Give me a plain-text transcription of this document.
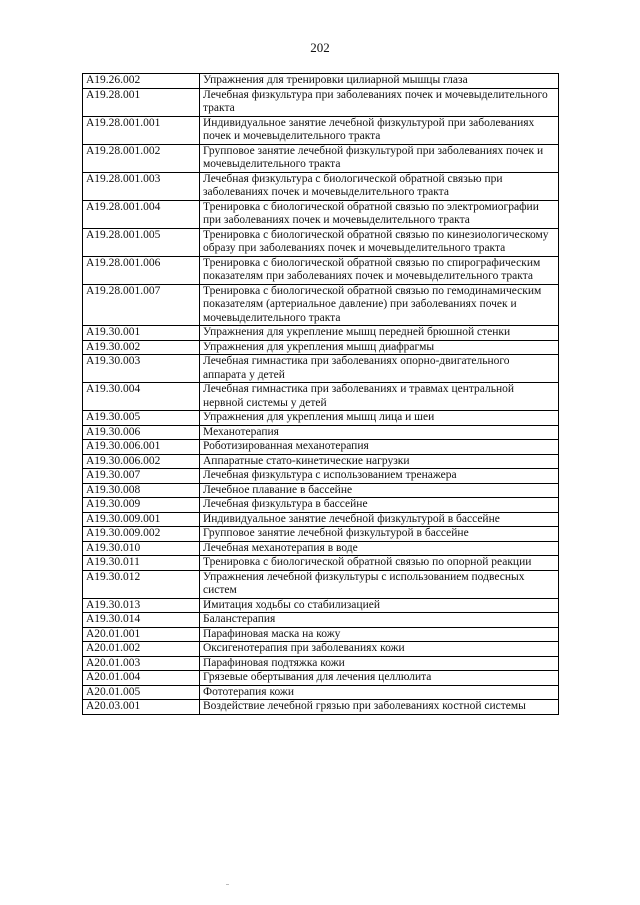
202
A19.26.002	Упражнения для тренировки цилиарной мышцы глаза
A19.28.001	Лечебная физкультура при заболеваниях почек и мочевыделительного тракта
A19.28.001.001	Индивидуальное занятие лечебной физкультурой при заболеваниях почек и мочевыделительного тракта
A19.28.001.002	Групповое занятие лечебной физкультурой при заболеваниях почек и мочевыделительного тракта
A19.28.001.003	Лечебная физкультура с биологической обратной связью при заболеваниях почек и мочевыделительного тракта
A19.28.001.004	Тренировка с биологической обратной связью по электромиографии при заболеваниях почек и мочевыделительного тракта
A19.28.001.005	Тренировка с биологической обратной связью по кинезиологическому образу при заболеваниях почек и мочевыделительного тракта
A19.28.001.006	Тренировка с биологической обратной связью по спирографическим показателям при заболеваниях почек и мочевыделительного тракта
A19.28.001.007	Тренировка с биологической обратной связью по гемодинамическим показателям (артериальное давление) при заболеваниях почек и мочевыделительного тракта
A19.30.001	Упражнения для укрепление мышц передней брюшной стенки
A19.30.002	Упражнения для укрепления мышц диафрагмы
A19.30.003	Лечебная гимнастика при заболеваниях опорно-двигательного аппарата у детей
A19.30.004	Лечебная гимнастика при заболеваниях и травмах центральной нервной системы у детей
A19.30.005	Упражнения для укрепления мышц лица и шеи
A19.30.006	Механотерапия
A19.30.006.001	Роботизированная механотерапия
A19.30.006.002	Аппаратные стато-кинетические нагрузки
A19.30.007	Лечебная физкультура с использованием тренажера
A19.30.008	Лечебное плавание в бассейне
A19.30.009	Лечебная физкультура в бассейне
A19.30.009.001	Индивидуальное занятие лечебной физкультурой в бассейне
A19.30.009.002	Групповое занятие лечебной физкультурой в бассейне
A19.30.010	Лечебная механотерапия в воде
A19.30.011	Тренировка с биологической обратной связью по опорной реакции
A19.30.012	Упражнения лечебной физкультуры с использованием подвесных систем
A19.30.013	Имитация ходьбы со стабилизацией
A19.30.014	Баланстерапия
A20.01.001	Парафиновая маска на кожу
A20.01.002	Оксигенотерапия при заболеваниях кожи
A20.01.003	Парафиновая подтяжка кожи
A20.01.004	Грязевые обертывания для лечения целлюлита
A20.01.005	Фототерапия кожи
A20.03.001	Воздействие лечебной грязью при заболеваниях костной системы
